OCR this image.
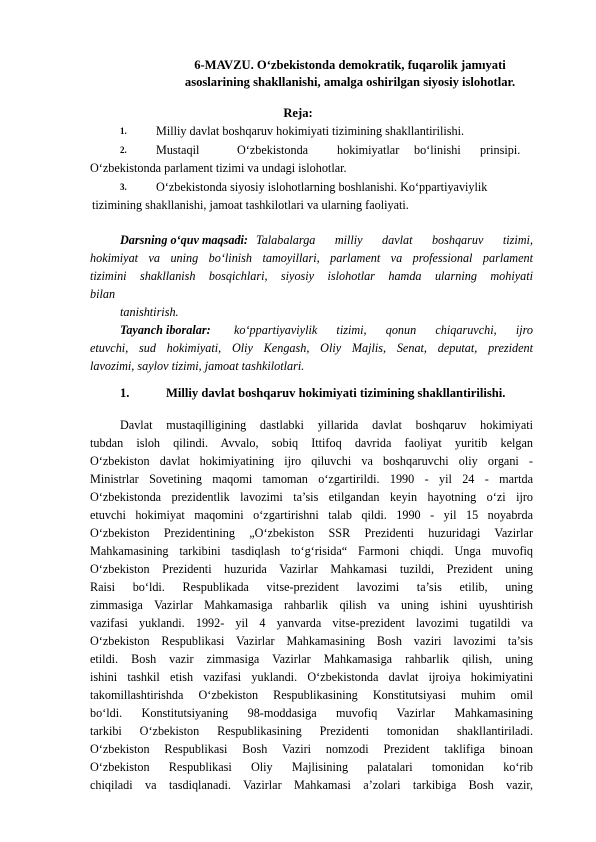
6-MAVZU. O‘zbekistonda demokratik, fuqarolik jamıyati
asoslarining shakllanishi, amalga oshirilgan siyosiy islohotlar.
Reja:
1. Milliy davlat boshqaruv hokimiyati tizimining shakllantirilishi.
2. Mustaqil	O‘zbekistonda hokimiyatlar bo‘linishi prinsipi.
O‘zbekistonda parlament tizimi va undagi islohotlar.
3. O‘zbekistonda siyosiy islohotlarning boshlanishi. Ko‘ppartiyaviylik
tizimining shakllanishi, jamoat tashkilotlari va ularning faoliyati.
Darsning o‘quv maqsadi: Talabalarga milliy davlat boshqaruv tizimi,
hokimiyat va uning bo‘linish tamoyillari, parlament va professional parlament
tizimini shakllanish bosqichlari, siyosiy islohotlar hamda ularning mohiyati
bilan
tanishtirish.
Tayanch iboralar: ko‘ppartiyaviylik tizimi, qonun chiqaruvchi, ijro
etuvchi, sud hokimiyati, Oliy Kengash, Oliy Majlis, Senat, deputat, prezident
lavozimi, saylov tizimi, jamoat tashkilotlari.
1.	Milliy davlat boshqaruv hokimiyati tizimining shakllantirilishi.
Davlat mustaqilligining dastlabki yillarida davlat boshqaruv hokimiyati
tubdan isloh qilindi. Avvalo, sobiq Ittifoq davrida faoliyat yuritib kelgan
O‘zbekiston davlat hokimiyatining ijro qiluvchi va boshqaruvchi oliy organi -
Ministrlar Sovetining maqomi tamoman o‘zgartirildi. 1990 - yil 24 - martda
O‘zbekistonda prezidentlik lavozimi ta’sis etilgandan keyin hayotning o‘zi ijro
etuvchi hokimiyat maqomini o‘zgartirishni talab qildi. 1990 - yil 15 noyabrda
O‘zbekiston Prezidentining „O‘zbekiston SSR Prezidenti huzuridagi Vazirlar
Mahkamasining tarkibini tasdiqlash to‘g‘risida“ Farmoni chiqdi. Unga muvofiq
O‘zbekiston Prezidenti huzurida Vazirlar Mahkamasi tuzildi, Prezident uning
Raisi bo‘ldi. Respublikada vitse-prezident lavozimi ta’sis etilib, uning
zimmasiga Vazirlar Mahkamasiga rahbarlik qilish va uning ishini uyushtirish
vazifasi yuklandi. 1992- yil 4 yanvarda vitse-prezident lavozimi tugatildi va
O‘zbekiston Respublikasi Vazirlar Mahkamasining Bosh vaziri lavozimi ta’sis
etildi. Bosh vazir zimmasiga Vazirlar Mahkamasiga rahbarlik qilish, uning
ishini tashkil etish vazifasi yuklandi. O‘zbekistonda davlat ijroiya hokimiyatini
takomillashtirishda O‘zbekiston Respublikasining Konstitutsiyasi muhim omil
bo‘ldi. Konstitutsiyaning 98-moddasiga muvofiq Vazirlar Mahkamasining
tarkibi O‘zbekiston Respublikasining Prezidenti tomonidan shakllantiriladi.
O‘zbekiston Respublikasi Bosh Vaziri nomzodi Prezident taklifiga binoan
O‘zbekiston Respublikasi Oliy Majlisining palatalari tomonidan ko‘rib
chiqiladi va tasdiqlanadi. Vazirlar Mahkamasi a’zolari tarkibiga Bosh vazir,
